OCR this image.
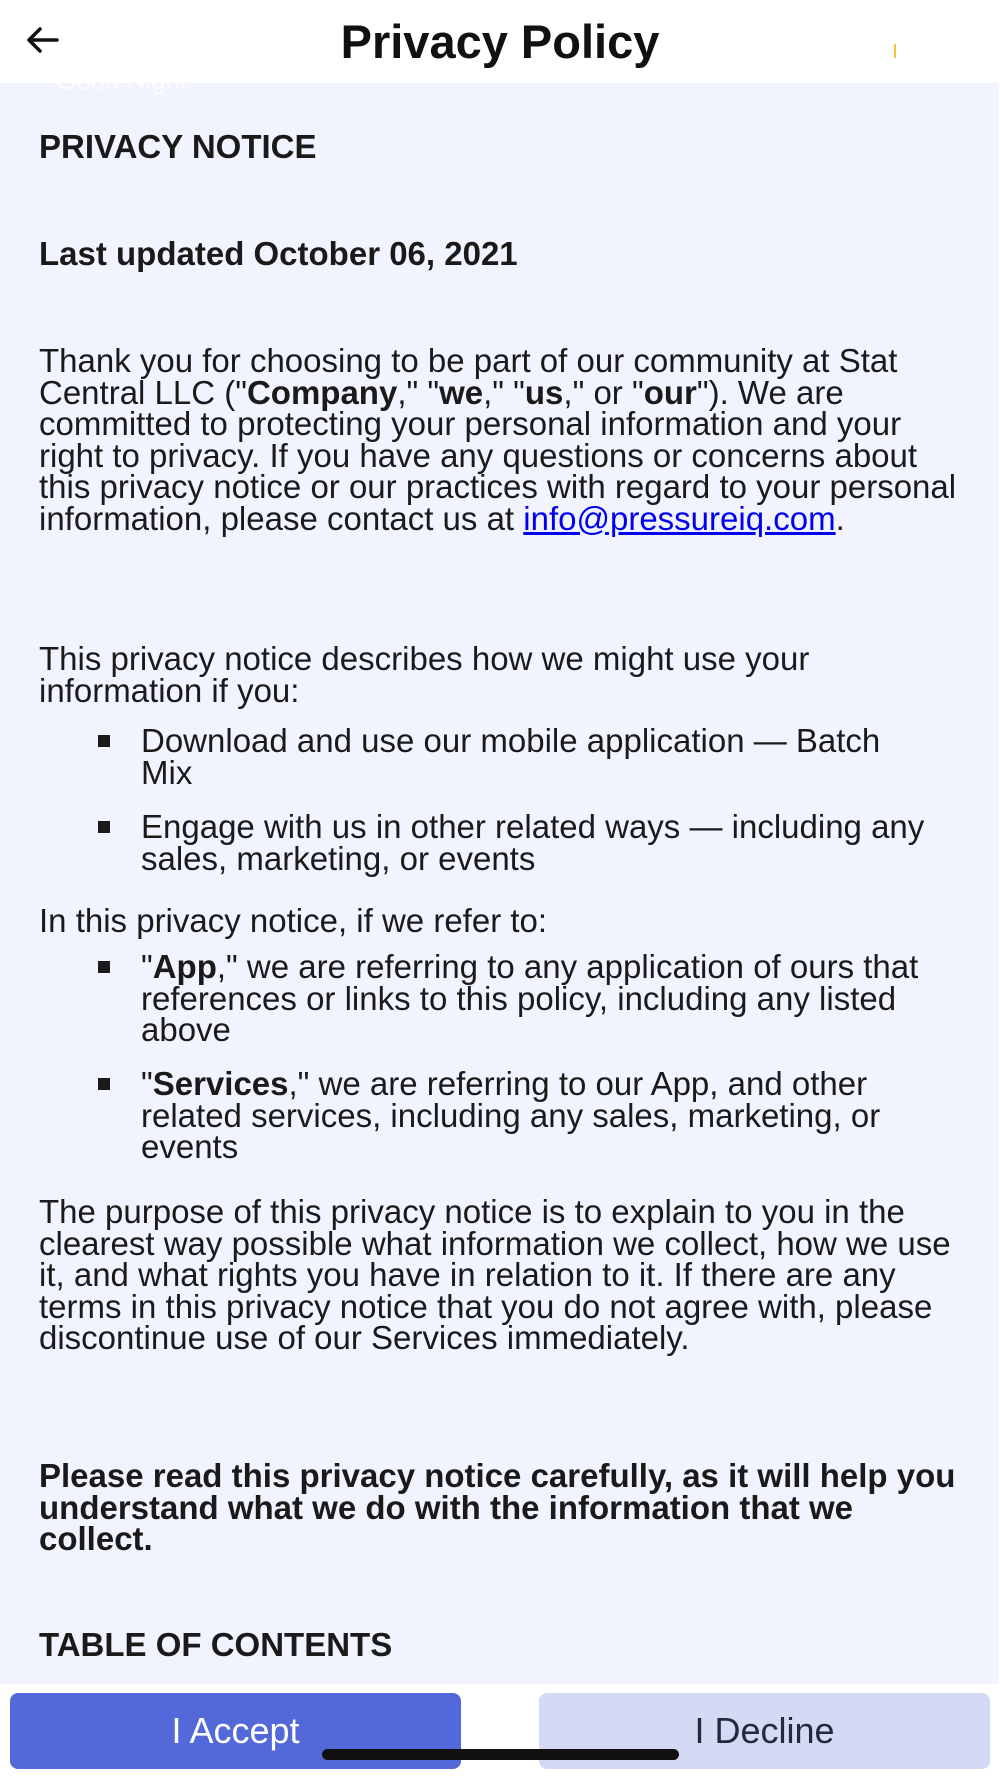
Privacy Policy
PRIVACY NOTICE
Last updated October 06, 2021
Thank you for choosing to be part of our community at Stat Central LLC ("Company," "we," "us," or "our"). We are committed to protecting your personal information and your right to privacy. If you have any questions or concerns about this privacy notice or our practices with regard to your personal information, please contact us at info@pressureiq.com.
This privacy notice describes how we might use your information if you:
Download and use our mobile application — Batch Mix
Engage with us in other related ways — including any sales, marketing, or events
In this privacy notice, if we refer to:
"App," we are referring to any application of ours that references or links to this policy, including any listed above
"Services," we are referring to our App, and other related services, including any sales, marketing, or events
The purpose of this privacy notice is to explain to you in the clearest way possible what information we collect, how we use it, and what rights you have in relation to it. If there are any terms in this privacy notice that you do not agree with, please discontinue use of our Services immediately.
Please read this privacy notice carefully, as it will help you understand what we do with the information that we collect.
TABLE OF CONTENTS
I Accept	I Decline
